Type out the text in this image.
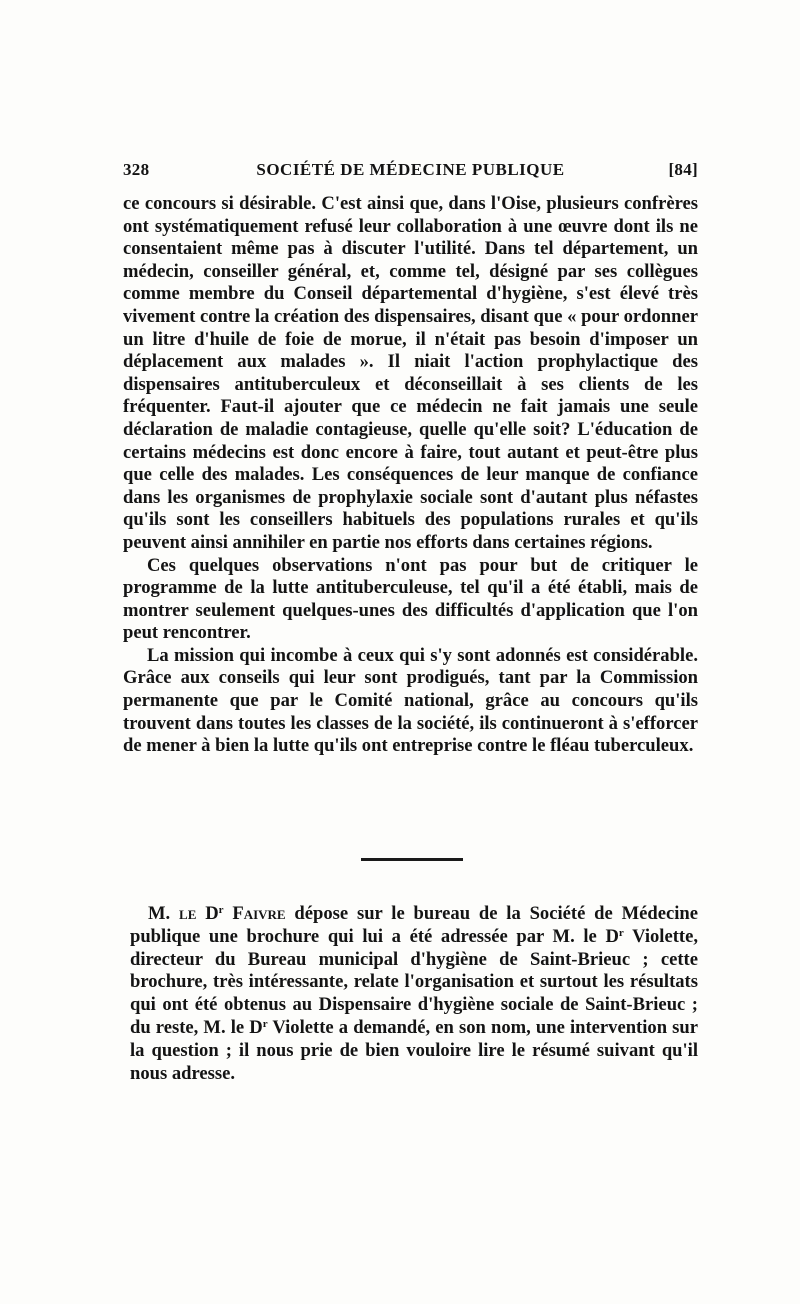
328	SOCIÉTÉ DE MÉDECINE PUBLIQUE	[84]

ce concours si désirable. C'est ainsi que, dans l'Oise, plusieurs confrères ont systématiquement refusé leur collaboration à une œuvre dont ils ne consentaient même pas à discuter l'utilité. Dans tel département, un médecin, conseiller général, et, comme tel, désigné par ses collègues comme membre du Conseil départemental d'hygiène, s'est élevé très vivement contre la création des dispensaires, disant que « pour ordonner un litre d'huile de foie de morue, il n'était pas besoin d'imposer un déplacement aux malades ». Il niait l'action prophylactique des dispensaires antituberculeux et déconseillait à ses clients de les fréquenter. Faut-il ajouter que ce médecin ne fait jamais une seule déclaration de maladie contagieuse, quelle qu'elle soit? L'éducation de certains médecins est donc encore à faire, tout autant et peut-être plus que celle des malades. Les conséquences de leur manque de confiance dans les organismes de prophylaxie sociale sont d'autant plus néfastes qu'ils sont les conseillers habituels des populations rurales et qu'ils peuvent ainsi annihiler en partie nos efforts dans certaines régions.

Ces quelques observations n'ont pas pour but de critiquer le programme de la lutte antituberculeuse, tel qu'il a été établi, mais de montrer seulement quelques-unes des difficultés d'application que l'on peut rencontrer.

La mission qui incombe à ceux qui s'y sont adonnés est considérable. Grâce aux conseils qui leur sont prodigués, tant par la Commission permanente que par le Comité national, grâce au concours qu'ils trouvent dans toutes les classes de la société, ils continueront à s'efforcer de mener à bien la lutte qu'ils ont entreprise contre le fléau tuberculeux.

M. le $D^r$ Faivre dépose sur le bureau de la Société de Médecine publique une brochure qui lui a été adressée par M. le $D^r$ Violette, directeur du Bureau municipal d'hygiène de Saint-Brieuc ; cette brochure, très intéressante, relate l'organisation et surtout les résultats qui ont été obtenus au Dispensaire d'hygiène sociale de Saint-Brieuc ; du reste, M. le $D^r$ Violette a demandé, en son nom, une intervention sur la question ; il nous prie de bien vouloire lire le résumé suivant qu'il nous adresse.
